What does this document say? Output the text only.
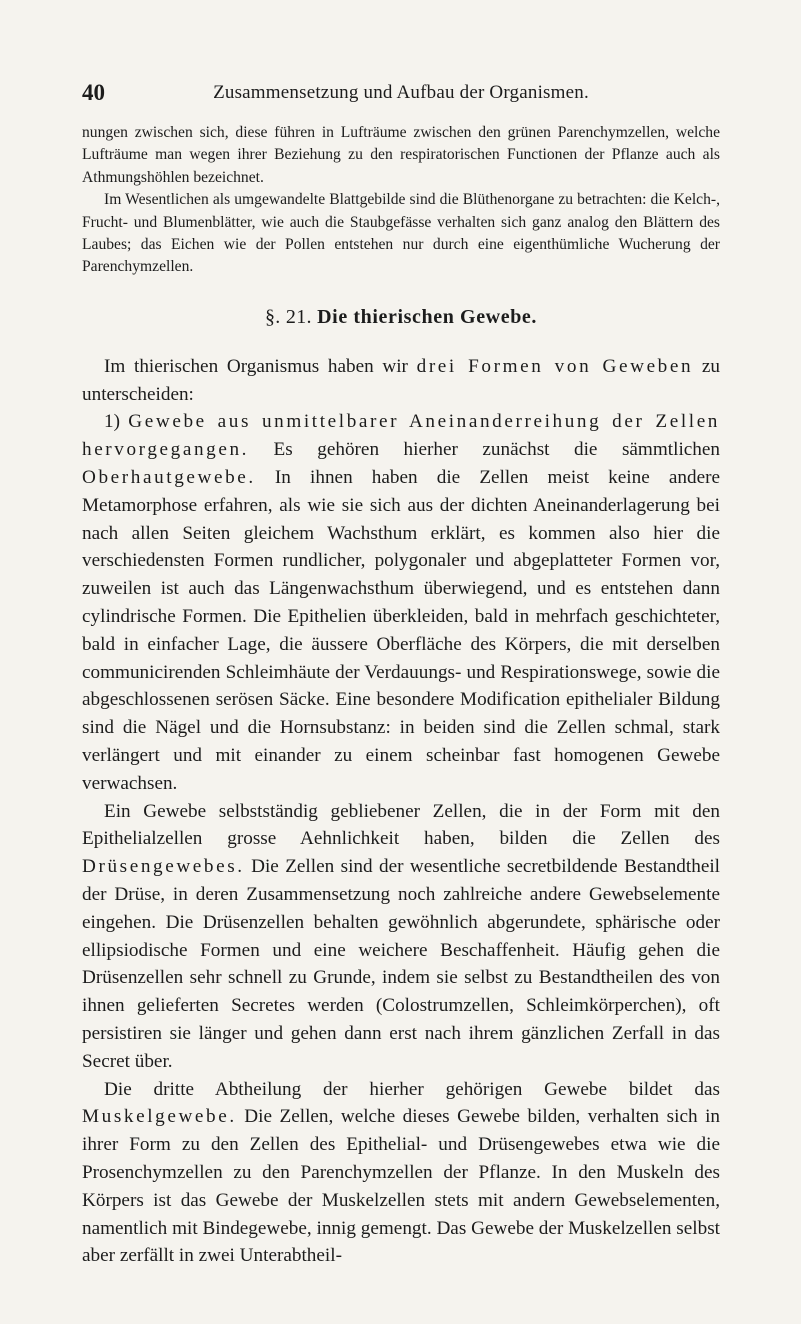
40	Zusammensetzung und Aufbau der Organismen.

nungen zwischen sich, diese führen in Lufträume zwischen den grünen Parenchymzellen, welche Lufträume man wegen ihrer Beziehung zu den respiratorischen Functionen der Pflanze auch als Athmungshöhlen bezeichnet.

Im Wesentlichen als umgewandelte Blattgebilde sind die Blüthenorgane zu betrachten: die Kelch-, Frucht- und Blumenblätter, wie auch die Staubgefässe verhalten sich ganz analog den Blättern des Laubes; das Eichen wie der Pollen entstehen nur durch eine eigenthümliche Wucherung der Parenchymzellen.

§. 21. Die thierischen Gewebe.

Im thierischen Organismus haben wir drei Formen von Geweben zu unterscheiden:

1) Gewebe aus unmittelbarer Aneinanderreihung der Zellen hervorgegangen. Es gehören hierher zunächst die sämmtlichen Oberhautgewebe. In ihnen haben die Zellen meist keine andere Metamorphose erfahren, als wie sie sich aus der dichten Aneinanderlagerung bei nach allen Seiten gleichem Wachsthum erklärt, es kommen also hier die verschiedensten Formen rundlicher, polygonaler und abgeplatteter Formen vor, zuweilen ist auch das Längenwachsthum überwiegend, und es entstehen dann cylindrische Formen. Die Epithelien überkleiden, bald in mehrfach geschichteter, bald in einfacher Lage, die äussere Oberfläche des Körpers, die mit derselben communicirenden Schleimhäute der Verdauungs- und Respirationswege, sowie die abgeschlossenen serösen Säcke. Eine besondere Modification epithelialer Bildung sind die Nägel und die Hornsubstanz: in beiden sind die Zellen schmal, stark verlängert und mit einander zu einem scheinbar fast homogenen Gewebe verwachsen.

Ein Gewebe selbstständig gebliebener Zellen, die in der Form mit den Epithelialzellen grosse Aehnlichkeit haben, bilden die Zellen des Drüsengewebes. Die Zellen sind der wesentliche secretbildende Bestandtheil der Drüse, in deren Zusammensetzung noch zahlreiche andere Gewebselemente eingehen. Die Drüsenzellen behalten gewöhnlich abgerundete, sphärische oder ellipsiodische Formen und eine weichere Beschaffenheit. Häufig gehen die Drüsenzellen sehr schnell zu Grunde, indem sie selbst zu Bestandtheilen des von ihnen gelieferten Secretes werden (Colostrumzellen, Schleimkörperchen), oft persistiren sie länger und gehen dann erst nach ihrem gänzlichen Zerfall in das Secret über.

Die dritte Abtheilung der hierher gehörigen Gewebe bildet das Muskelgewebe. Die Zellen, welche dieses Gewebe bilden, verhalten sich in ihrer Form zu den Zellen des Epithelial- und Drüsengewebes etwa wie die Prosenchymzellen zu den Parenchymzellen der Pflanze. In den Muskeln des Körpers ist das Gewebe der Muskelzellen stets mit andern Gewebselementen, namentlich mit Bindegewebe, innig gemengt. Das Gewebe der Muskelzellen selbst aber zerfällt in zwei Unterabtheil-
